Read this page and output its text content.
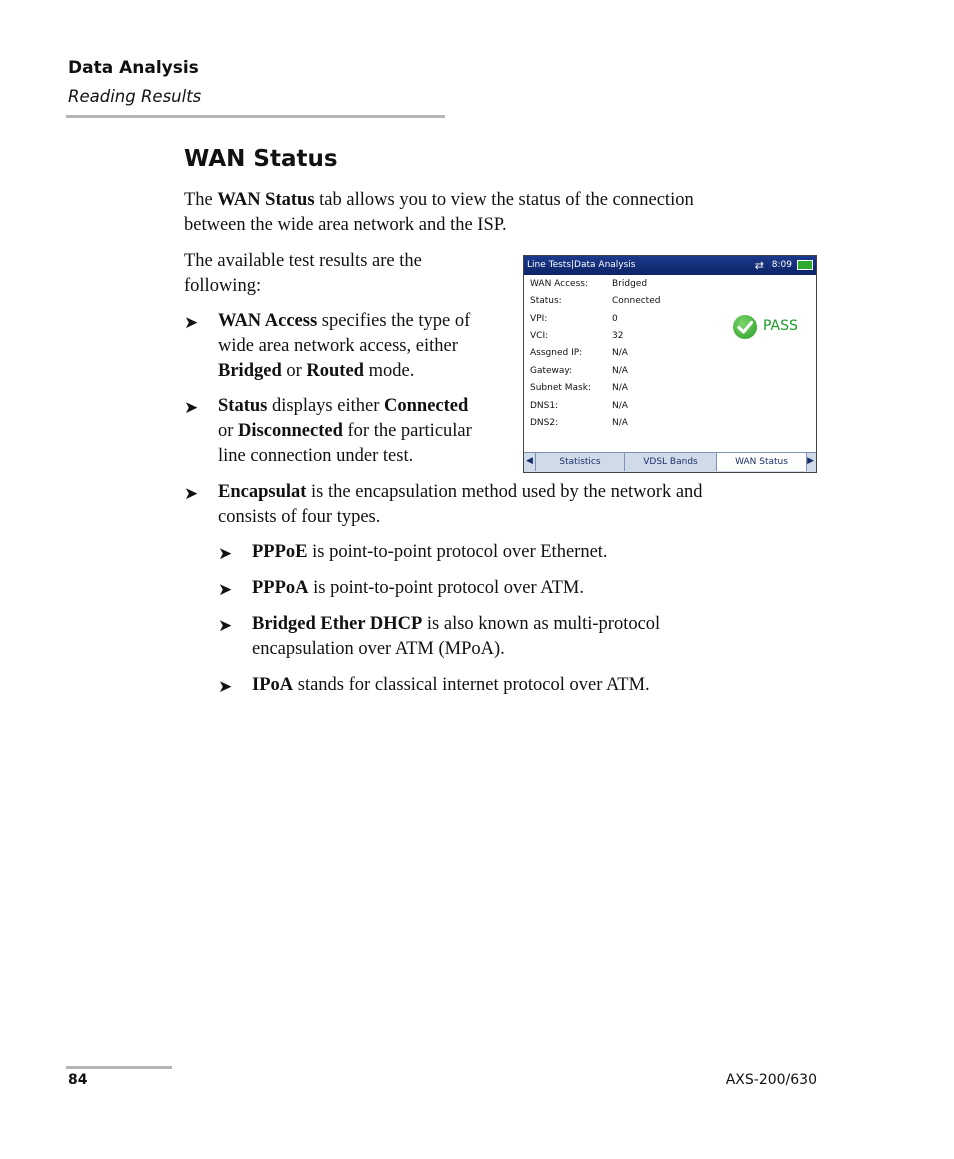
Data Analysis
Reading Results
WAN Status

The WAN Status tab allows you to view the status of the connection
between the wide area network and the ISP.

The available test results are the
following:

➤ WAN Access specifies the type of
wide area network access, either
Bridged or Routed mode.
➤ Status displays either Connected
or Disconnected for the particular
line connection under test.
➤ Encapsulat is the encapsulation method used by the network and
consists of four types.
➤ PPPoE is point-to-point protocol over Ethernet.
➤ PPPoA is point-to-point protocol over ATM.
➤ Bridged Ether DHCP is also known as multi-protocol
encapsulation over ATM (MPoA).
➤ IPoA stands for classical internet protocol over ATM.
Line Tests|Data Analysis	⇄ 8:09
WAN Access:	Bridged
Status:	Connected
VPI:	0
VCI:	32
Assgned IP:	N/A
Gateway:	N/A
Subnet Mask: N/A
DNS1:	N/A
DNS2:	N/A
PASS
◀	Statistics	VDSL Bands	WAN Status	▶
84	AXS-200/630
